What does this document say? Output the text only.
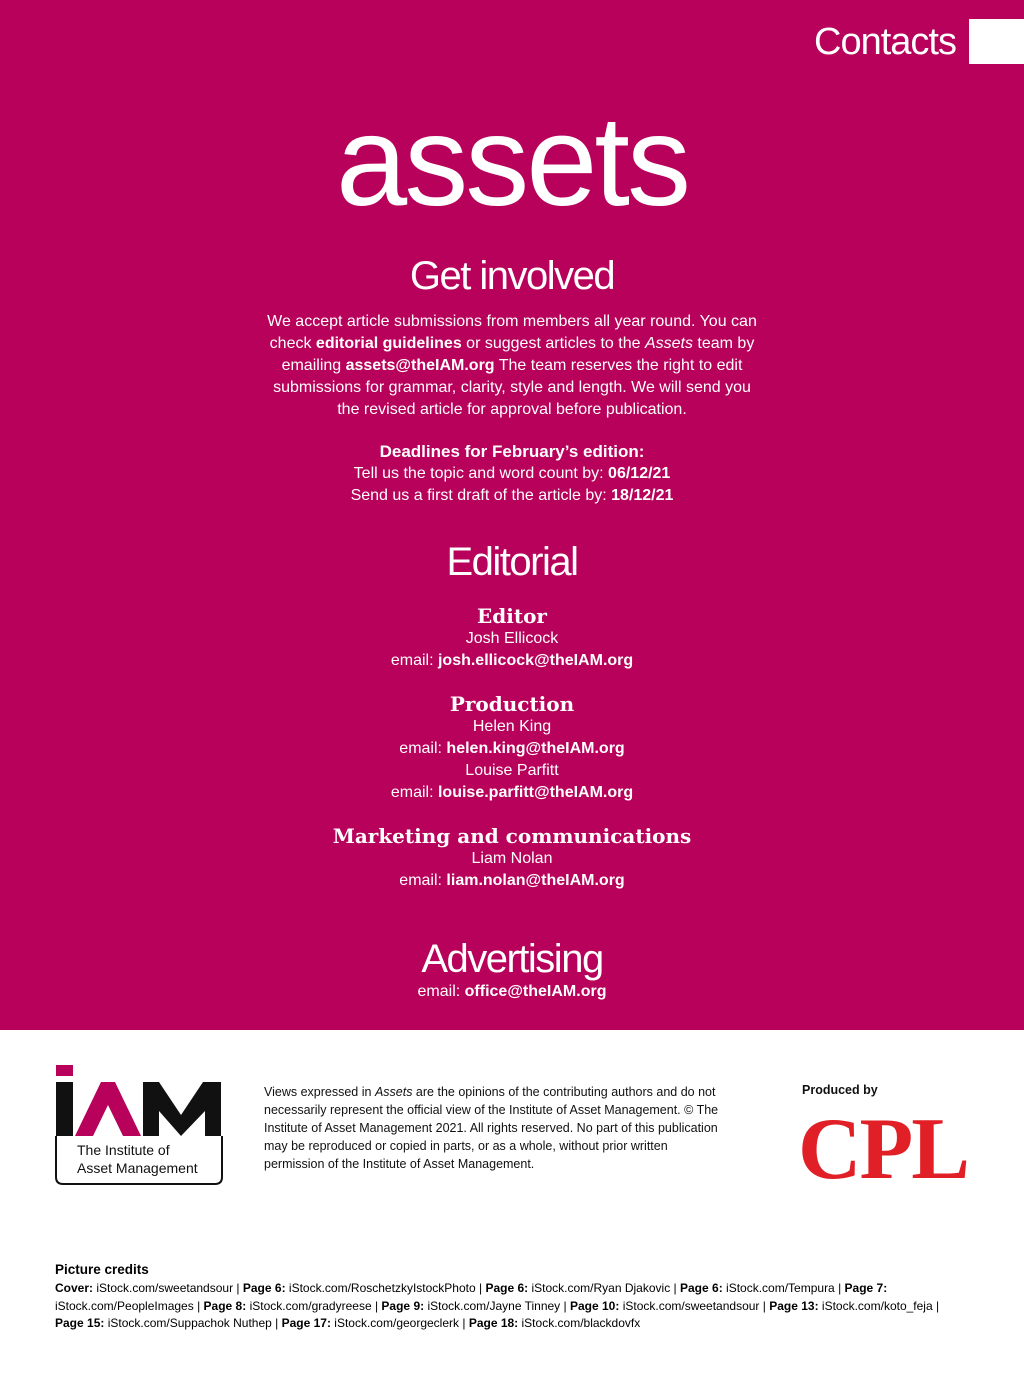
Contacts
assets
Get involved
We accept article submissions from members all year round. You can check editorial guidelines or suggest articles to the Assets team by emailing assets@theIAM.org The team reserves the right to edit submissions for grammar, clarity, style and length. We will send you the revised article for approval before publication.
Deadlines for February’s edition:
Tell us the topic and word count by: 06/12/21
Send us a first draft of the article by: 18/12/21
Editorial
Editor
Josh Ellicock
email: josh.ellicock@theIAM.org
Production
Helen King
email: helen.king@theIAM.org
Louise Parfitt
email: louise.parfitt@theIAM.org
Marketing and communications
Liam Nolan
email: liam.nolan@theIAM.org
Advertising
email: office@theIAM.org
The Institute of
Asset Management
Views expressed in Assets are the opinions of the contributing authors and do not necessarily represent the official view of the Institute of Asset Management. © The Institute of Asset Management 2021. All rights reserved. No part of this publication may be reproduced or copied in parts, or as a whole, without prior written permission of the Institute of Asset Management.
Produced by
CPL
Picture credits
Cover: iStock.com/sweetandsour | Page 6: iStock.com/RoschetzkyIstockPhoto | Page 6: iStock.com/Ryan Djakovic | Page 6: iStock.com/Tempura | Page 7: iStock.com/PeopleImages | Page 8: iStock.com/gradyreese | Page 9: iStock.com/Jayne Tinney | Page 10: iStock.com/sweetandsour | Page 13: iStock.com/koto_feja | Page 15: iStock.com/Suppachok Nuthep | Page 17: iStock.com/georgeclerk | Page 18: iStock.com/blackdovfx
